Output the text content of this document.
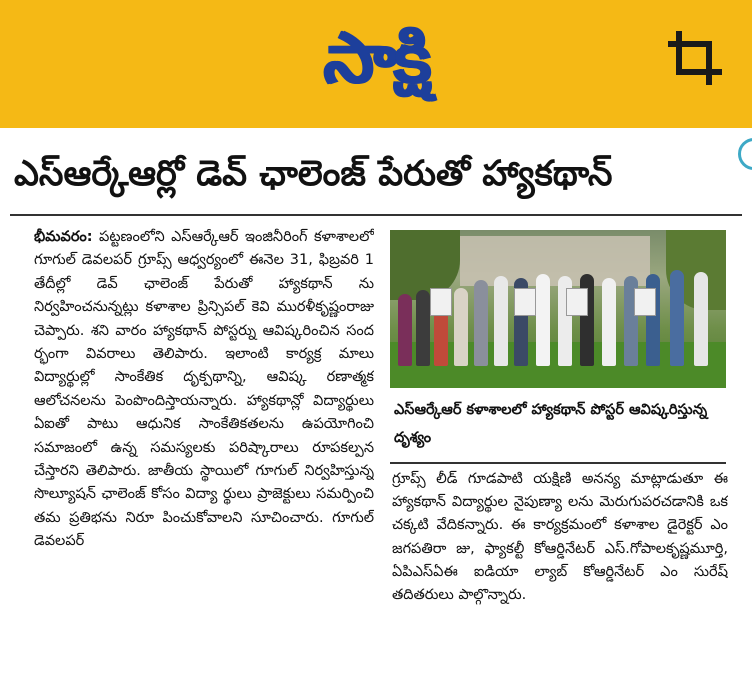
సాక్షి
ఎస్ఆర్కేఆర్లో డెవ్ ఛాలెంజ్ పేరుతో హ్యాకథాన్

భీమవరం: పట్టణంలోని ఎస్ఆర్కేఆర్ ఇంజినీరింగ్ కళాశాలలో గూగుల్ డెవలపర్ గ్రూప్స్ ఆధ్వర్యంలో ఈనెల 31, ఫిబ్రవరి 1 తేదీల్లో డెవ్ ఛాలెంజ్ పేరుతో హ్యాకథాన్ ను నిర్వహించనున్నట్లు కళాశాల ప్రిన్సిపల్ కెవి మురళీకృష్ణంరాజు చెప్పారు. శని వారం హ్యాకథాన్ పోస్టర్ను ఆవిష్కరించిన సంద ర్భంగా వివరాలు తెలిపారు. ఇలాంటి కార్యక్ర మాలు విద్యార్థుల్లో సాంకేతిక దృక్పథాన్ని, ఆవిష్క రణాత్మక ఆలోచనలను పెంపొందిస్తాయన్నారు. హ్యాకథాన్లో విద్యార్థులు ఏఐతో పాటు ఆధునిక సాంకేతికతలను ఉపయోగించి సమాజంలో ఉన్న సమస్యలకు పరిష్కారాలు రూపకల్పన చేస్తారని తెలిపారు. జాతీయ స్థాయిలో గూగుల్ నిర్వహిస్తున్న సొల్యూషన్ ఛాలెంజ్ కోసం విద్యా ర్థులు ప్రాజెక్టులు సమర్పించి తమ ప్రతిభను నిరూ పించుకోవాలని సూచించారు. గూగుల్ డెవలపర్

ఎస్ఆర్కేఆర్ కళాశాలలో హ్యాకథాన్ పోస్టర్ ఆవిష్కరిస్తున్న దృశ్యం

గ్రూప్స్ లీడ్ గూడపాటి యక్షిణి అనన్య మాట్లాడుతూ ఈ హ్యాకథాన్ విద్యార్థుల నైపుణ్యా లను మెరుగుపరచడానికి ఒక చక్కటి వేదికన్నారు. ఈ కార్యక్రమంలో కళాశాల డైరెక్టర్ ఎం జగపతిరా జు, ఫ్యాకల్టీ కోఆర్డినేటర్ ఎస్.గోపాలకృష్ణమూర్తి, ఏపిఎస్ఏఈ ఐడియా ల్యాబ్ కోఆర్డినేటర్ ఎం సురేష్ తదితరులు పాల్గొన్నారు.
